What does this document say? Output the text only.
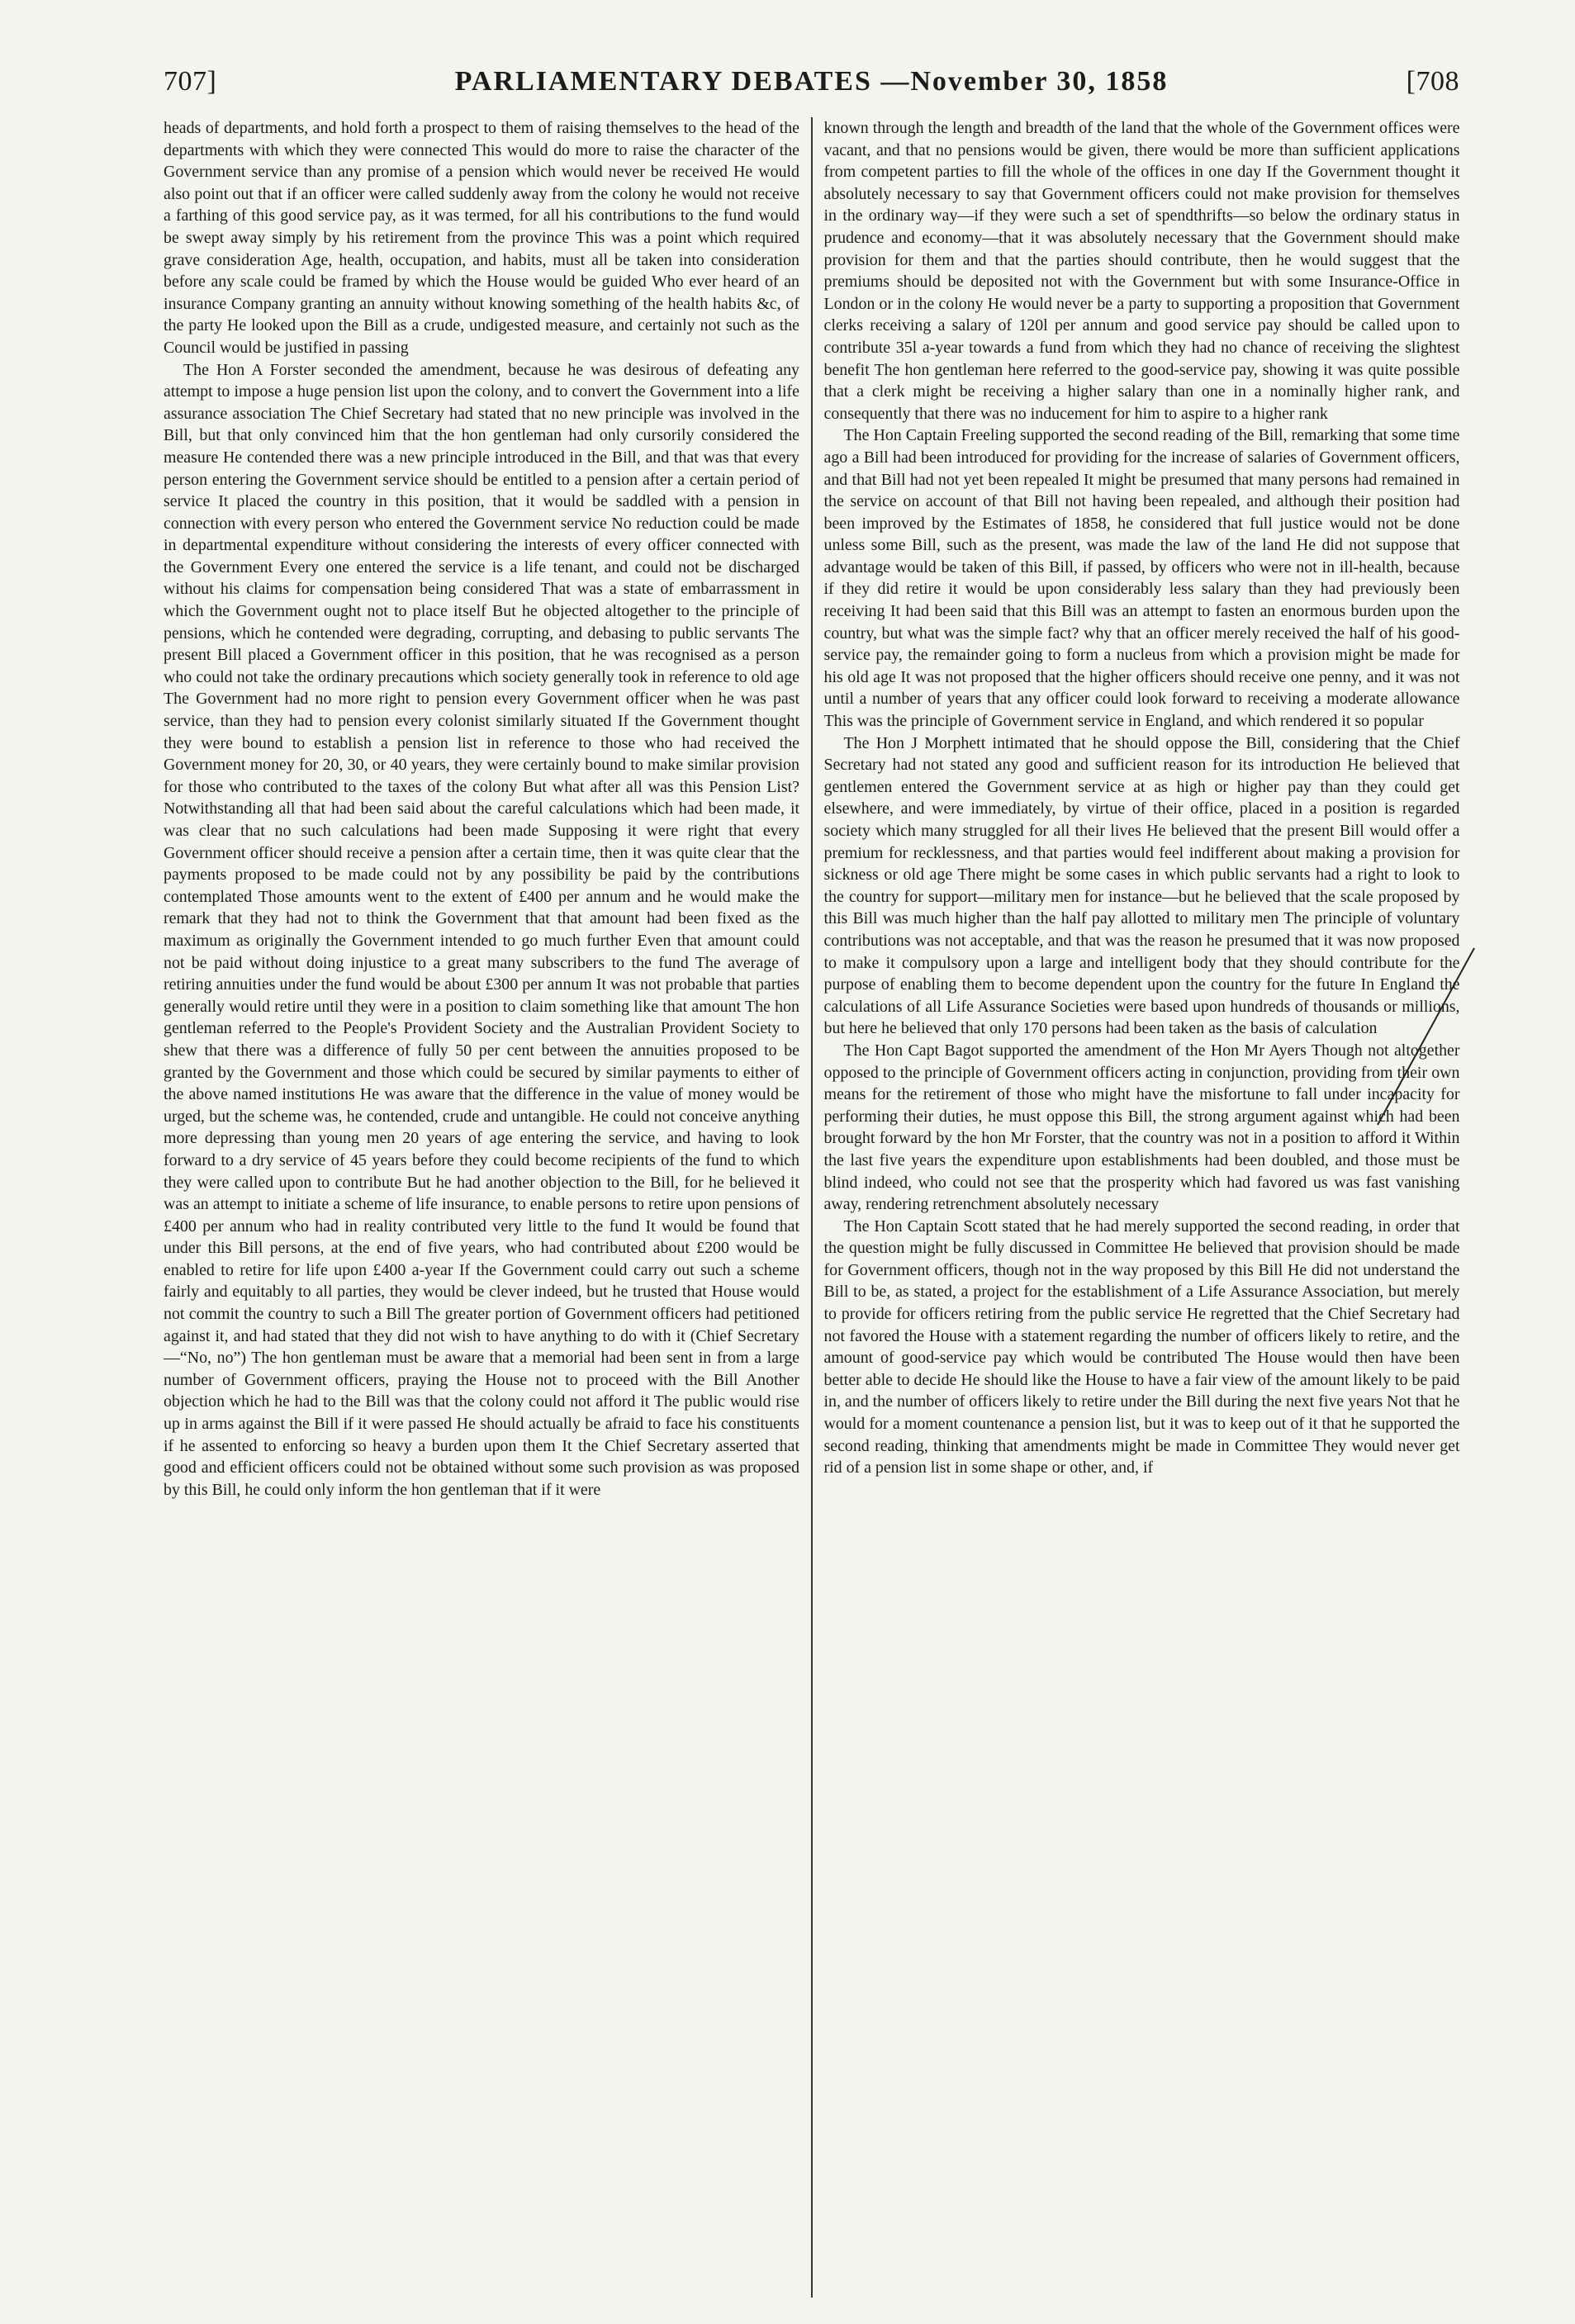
707]	PARLIAMENTARY DEBATES —November 30, 1858	[708

heads of departments, and hold forth a prospect to them of raising themselves to the head of the departments with which they were connected This would do more to raise the character of the Government service than any promise of a pension which would never be received He would also point out that if an officer were called suddenly away from the colony he would not receive a farthing of this good service pay, as it was termed, for all his contributions to the fund would be swept away simply by his retirement from the province This was a point which required grave consideration Age, health, occupation, and habits, must all be taken into consideration before any scale could be framed by which the House would be guided Who ever heard of an insurance Company granting an annuity without knowing something of the health habits &c, of the party He looked upon the Bill as a crude, undigested measure, and certainly not such as the Council would be justified in passing

The Hon A Forster seconded the amendment, because he was desirous of defeating any attempt to impose a huge pension list upon the colony, and to convert the Government into a life assurance association The Chief Secretary had stated that no new principle was involved in the Bill, but that only convinced him that the hon gentleman had only cursorily considered the measure He contended there was a new principle introduced in the Bill, and that was that every person entering the Government service should be entitled to a pension after a certain period of service It placed the country in this position, that it would be saddled with a pension in connection with every person who entered the Government service No reduction could be made in departmental expenditure without considering the interests of every officer connected with the Government Every one entered the service is a life tenant, and could not be discharged without his claims for compensation being considered That was a state of embarrassment in which the Government ought not to place itself But he objected altogether to the principle of pensions, which he contended were degrading, corrupting, and debasing to public servants The present Bill placed a Government officer in this position, that he was recognised as a person who could not take the ordinary precautions which society generally took in reference to old age The Government had no more right to pension every Government officer when he was past service, than they had to pension every colonist similarly situated If the Government thought they were bound to establish a pension list in reference to those who had received the Government money for 20, 30, or 40 years, they were certainly bound to make similar provision for those who contributed to the taxes of the colony But what after all was this Pension List? Notwithstanding all that had been said about the careful calculations which had been made, it was clear that no such calculations had been made Supposing it were right that every Government officer should receive a pension after a certain time, then it was quite clear that the payments proposed to be made could not by any possibility be paid by the contributions contemplated Those amounts went to the extent of £400 per annum and he would make the remark that they had not to think the Government that that amount had been fixed as the maximum as originally the Government intended to go much further Even that amount could not be paid without doing injustice to a great many subscribers to the fund The average of retiring annuities under the fund would be about £300 per annum It was not probable that parties generally would retire until they were in a position to claim something like that amount The hon gentleman referred to the People's Provident Society and the Australian Provident Society to shew that there was a difference of fully 50 per cent between the annuities proposed to be granted by the Government and those which could be secured by similar payments to either of the above named institutions He was aware that the difference in the value of money would be urged, but the scheme was, he contended, crude and untangible. He could not conceive anything more depressing than young men 20 years of age entering the service, and having to look forward to a dry service of 45 years before they could become recipients of the fund to which they were called upon to contribute But he had another objection to the Bill, for he believed it was an attempt to initiate a scheme of life insurance, to enable persons to retire upon pensions of £400 per annum who had in reality contributed very little to the fund It would be found that under this Bill persons, at the end of five years, who had contributed about £200 would be enabled to retire for life upon £400 a-year If the Government could carry out such a scheme fairly and equitably to all parties, they would be clever indeed, but he trusted that House would not commit the country to such a Bill The greater portion of Government officers had petitioned against it, and had stated that they did not wish to have anything to do with it (Chief Secretary—“No, no”) The hon gentleman must be aware that a memorial had been sent in from a large number of Government officers, praying the House not to proceed with the Bill Another objection which he had to the Bill was that the colony could not afford it The public would rise up in arms against the Bill if it were passed He should actually be afraid to face his constituents if he assented to enforcing so heavy a burden upon them It the Chief Secretary asserted that good and efficient officers could not be obtained without some such provision as was proposed by this Bill, he could only inform the hon gentleman that if it were

known through the length and breadth of the land that the whole of the Government offices were vacant, and that no pensions would be given, there would be more than sufficient applications from competent parties to fill the whole of the offices in one day If the Government thought it absolutely necessary to say that Government officers could not make provision for themselves in the ordinary way—if they were such a set of spendthrifts—so below the ordinary status in prudence and economy—that it was absolutely necessary that the Government should make provision for them and that the parties should contribute, then he would suggest that the premiums should be deposited not with the Government but with some Insurance-Office in London or in the colony He would never be a party to supporting a proposition that Government clerks receiving a salary of 120l per annum and good service pay should be called upon to contribute 35l a-year towards a fund from which they had no chance of receiving the slightest benefit The hon gentleman here referred to the good-service pay, showing it was quite possible that a clerk might be receiving a higher salary than one in a nominally higher rank, and consequently that there was no inducement for him to aspire to a higher rank

The Hon Captain Freeling supported the second reading of the Bill, remarking that some time ago a Bill had been introduced for providing for the increase of salaries of Government officers, and that Bill had not yet been repealed It might be presumed that many persons had remained in the service on account of that Bill not having been repealed, and although their position had been improved by the Estimates of 1858, he considered that full justice would not be done unless some Bill, such as the present, was made the law of the land He did not suppose that advantage would be taken of this Bill, if passed, by officers who were not in ill-health, because if they did retire it would be upon considerably less salary than they had previously been receiving It had been said that this Bill was an attempt to fasten an enormous burden upon the country, but what was the simple fact? why that an officer merely received the half of his good-service pay, the remainder going to form a nucleus from which a provision might be made for his old age It was not proposed that the higher officers should receive one penny, and it was not until a number of years that any officer could look forward to receiving a moderate allowance This was the principle of Government service in England, and which rendered it so popular

The Hon J Morphett intimated that he should oppose the Bill, considering that the Chief Secretary had not stated any good and sufficient reason for its introduction He believed that gentlemen entered the Government service at as high or higher pay than they could get elsewhere, and were immediately, by virtue of their office, placed in a position is regarded society which many struggled for all their lives He believed that the present Bill would offer a premium for recklessness, and that parties would feel indifferent about making a provision for sickness or old age There might be some cases in which public servants had a right to look to the country for support—military men for instance—but he believed that the scale proposed by this Bill was much higher than the half pay allotted to military men The principle of voluntary contributions was not acceptable, and that was the reason he presumed that it was now proposed to make it compulsory upon a large and intelligent body that they should contribute for the purpose of enabling them to become dependent upon the country for the future In England the calculations of all Life Assurance Societies were based upon hundreds of thousands or millions, but here he believed that only 170 persons had been taken as the basis of calculation

The Hon Capt Bagot supported the amendment of the Hon Mr Ayers Though not altogether opposed to the principle of Government officers acting in conjunction, providing from their own means for the retirement of those who might have the misfortune to fall under incapacity for performing their duties, he must oppose this Bill, the strong argument against which had been brought forward by the hon Mr Forster, that the country was not in a position to afford it Within the last five years the expenditure upon establishments had been doubled, and those must be blind indeed, who could not see that the prosperity which had favored us was fast vanishing away, rendering retrenchment absolutely necessary

The Hon Captain Scott stated that he had merely supported the second reading, in order that the question might be fully discussed in Committee He believed that provision should be made for Government officers, though not in the way proposed by this Bill He did not understand the Bill to be, as stated, a project for the establishment of a Life Assurance Association, but merely to provide for officers retiring from the public service He regretted that the Chief Secretary had not favored the House with a statement regarding the number of officers likely to retire, and the amount of good-service pay which would be contributed The House would then have been better able to decide He should like the House to have a fair view of the amount likely to be paid in, and the number of officers likely to retire under the Bill during the next five years Not that he would for a moment countenance a pension list, but it was to keep out of it that he supported the second reading, thinking that amendments might be made in Committee They would never get rid of a pension list in some shape or other, and, if
